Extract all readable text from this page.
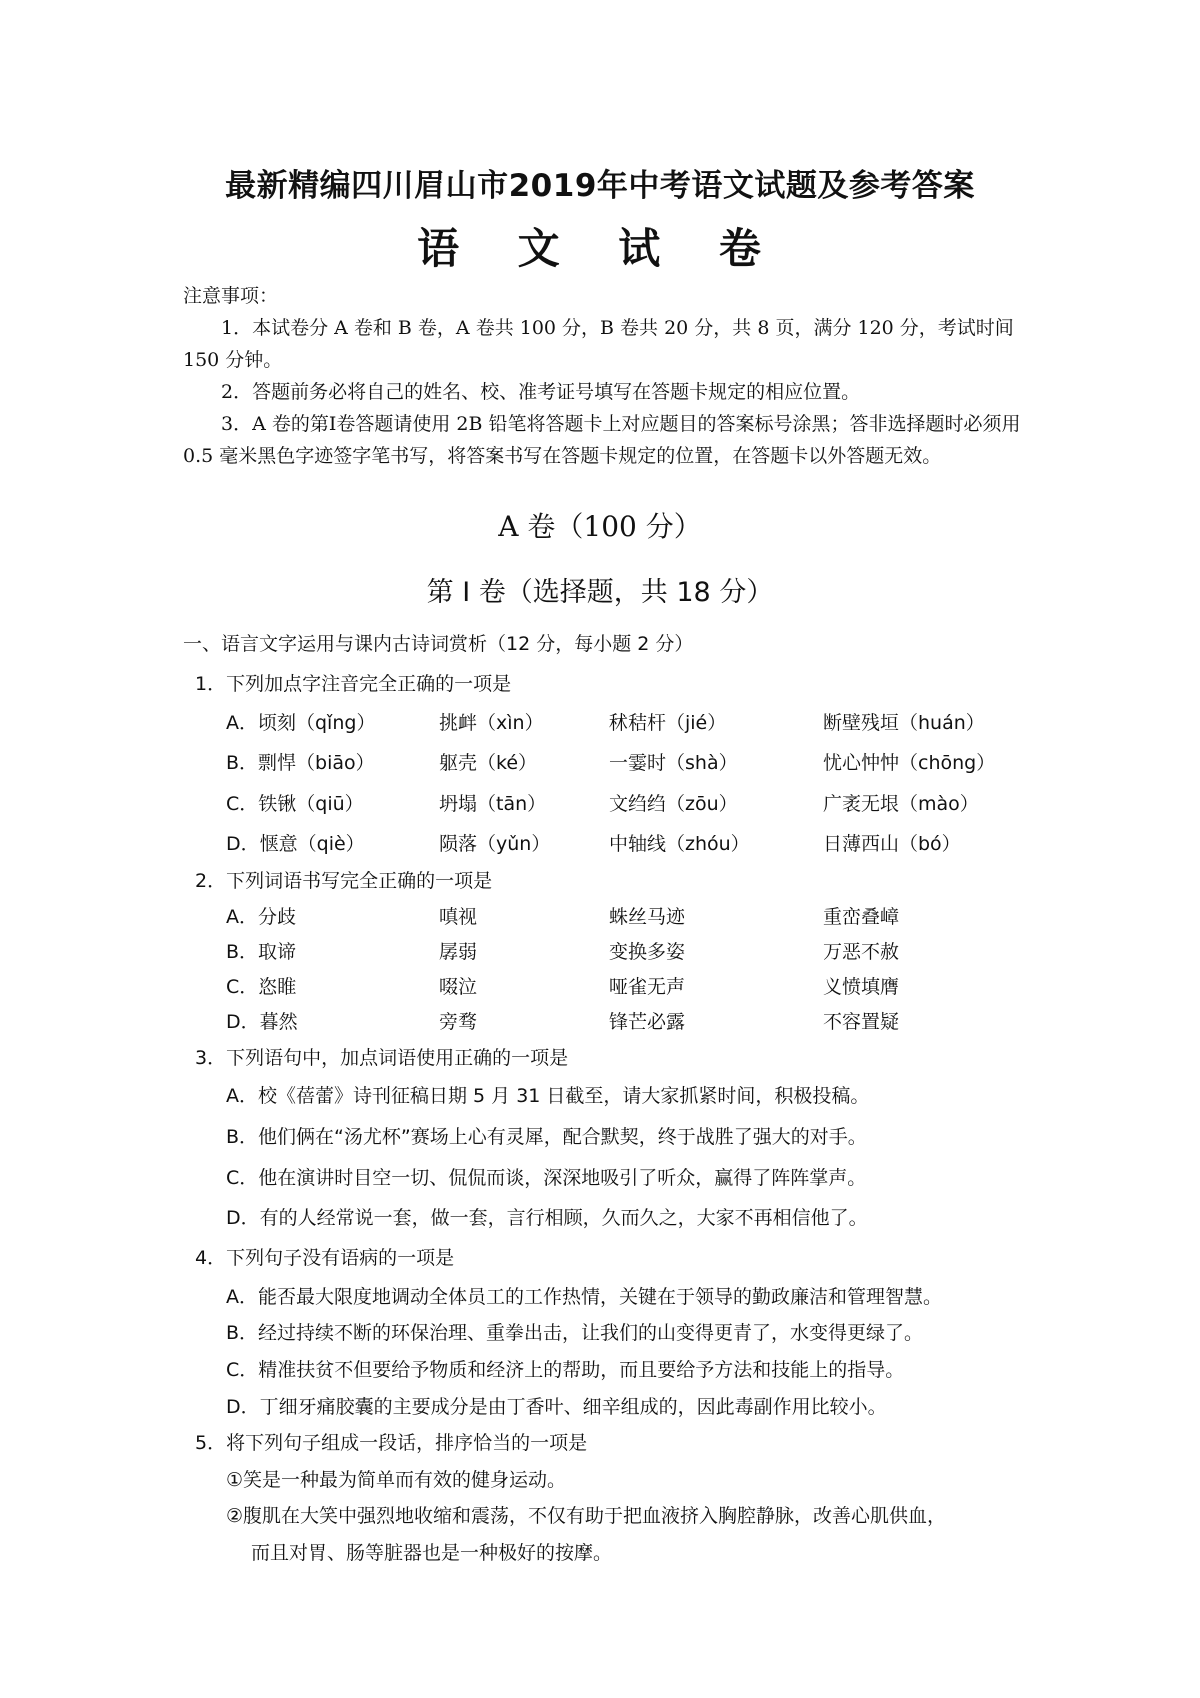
最新精编四川眉山市2019年中考语文试题及参考答案
语 文 试 卷

注意事项：

1．本试卷分 A 卷和 B 卷，A 卷共 100 分，B 卷共 20 分，共 8 页，满分 120 分，考试时间 150 分钟。

2．答题前务必将自己的姓名、校、准考证号填写在答题卡规定的相应位置。

3．A 卷的第Ⅰ卷答题请使用 2B 铅笔将答题卡上对应题目的答案标号涂黑；答非选择题时必须用 0.5 毫米黑色字迹签字笔书写，将答案书写在答题卡规定的位置，在答题卡以外答题无效。

A 卷（100 分）
第 I 卷（选择题，共 18 分）
一、语言文字运用与课内古诗词赏析（12 分，每小题 2 分）
1．下列加点字注音完全正确的一项是
A．顷刻（qǐng）	挑衅（xìn）	秫秸杆（jié）	断壁残垣（huán）
B．剽悍（biāo）	躯壳（ké）	一霎时（shà）	忧心忡忡（chōng）
C．铁锹（qiū）	坍塌（tān）	文绉绉（zōu）	广袤无垠（mào）
D．惬意（qiè）	陨落（yǔn）	中轴线（zhóu）	日薄西山（bó）
2．下列词语书写完全正确的一项是
A．分歧	嗔视	蛛丝马迹	重峦叠嶂
B．取谛	孱弱	变换多姿	万恶不赦
C．恣睢	啜泣	哑雀无声	义愤填膺
D．暮然	旁骛	锋芒必露	不容置疑
3．下列语句中，加点词语使用正确的一项是
A．校《蓓蕾》诗刊征稿日期 5 月 31 日截至，请大家抓紧时间，积极投稿。
B．他们俩在“汤尤杯”赛场上心有灵犀，配合默契，终于战胜了强大的对手。
C．他在演讲时目空一切、侃侃而谈，深深地吸引了听众，赢得了阵阵掌声。
D．有的人经常说一套，做一套，言行相顾，久而久之，大家不再相信他了。
4．下列句子没有语病的一项是
A．能否最大限度地调动全体员工的工作热情，关键在于领导的勤政廉洁和管理智慧。
B．经过持续不断的环保治理、重拳出击，让我们的山变得更青了，水变得更绿了。
C．精准扶贫不但要给予物质和经济上的帮助，而且要给予方法和技能上的指导。
D．丁细牙痛胶囊的主要成分是由丁香叶、细辛组成的，因此毒副作用比较小。
5．将下列句子组成一段话，排序恰当的一项是
①笑是一种最为简单而有效的健身运动。
②腹肌在大笑中强烈地收缩和震荡，不仅有助于把血液挤入胸腔静脉，改善心肌供血，
而且对胃、肠等脏器也是一种极好的按摩。
